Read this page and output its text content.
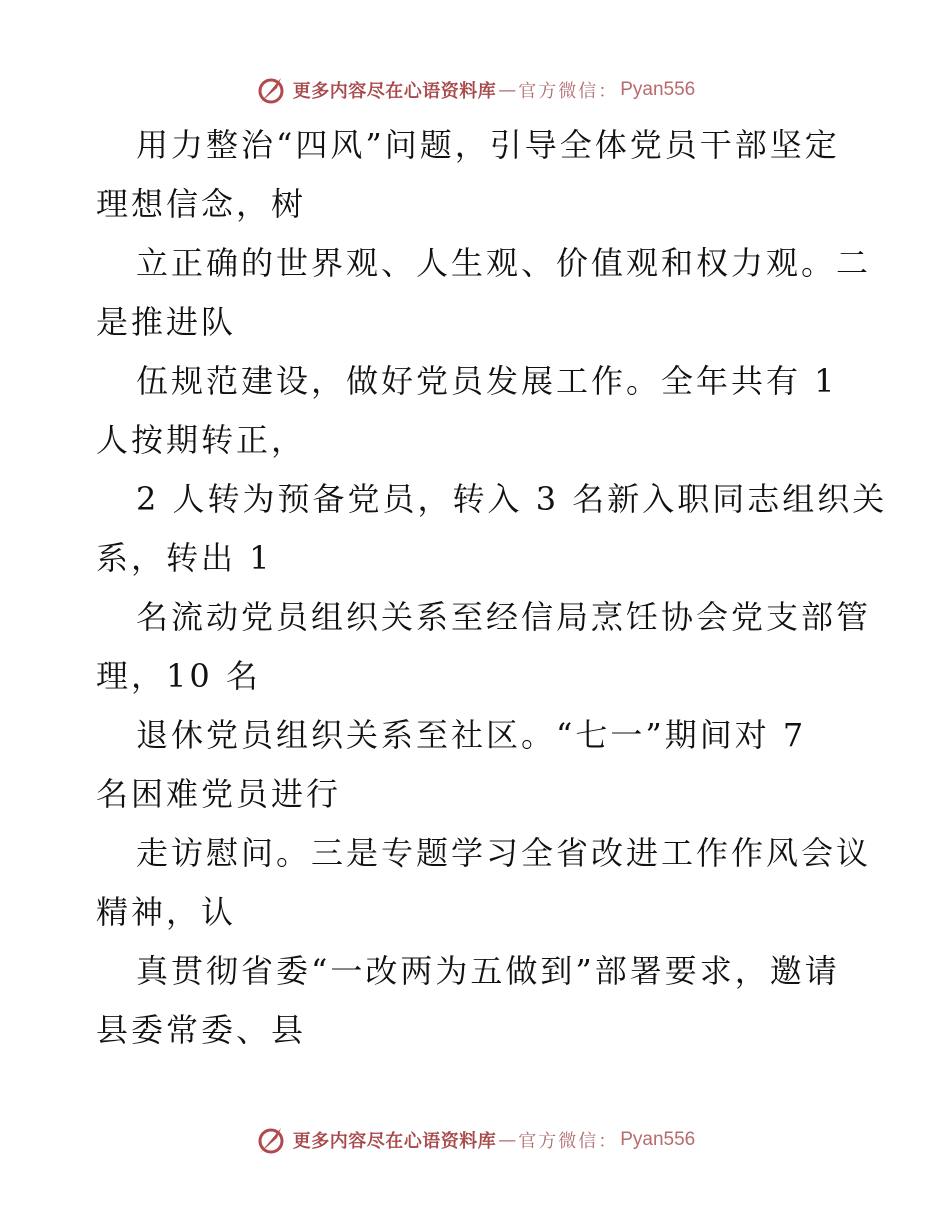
更多内容尽在心语资料库 — 官方微信： Pyan556
用力整治“四风”问题，引导全体党员干部坚定
理想信念，树
立正确的世界观、人生观、价值观和权力观。二
是推进队
伍规范建设，做好党员发展工作。全年共有 1
人按期转正，
2 人转为预备党员，转入 3 名新入职同志组织关
系，转出 1
名流动党员组织关系至经信局烹饪协会党支部管
理，10 名
退休党员组织关系至社区。“七一”期间对 7
名困难党员进行
走访慰问。三是专题学习全省改进工作作风会议
精神，认
真贯彻省委“一改两为五做到”部署要求，邀请
县委常委、县
更多内容尽在心语资料库 — 官方微信： Pyan556
